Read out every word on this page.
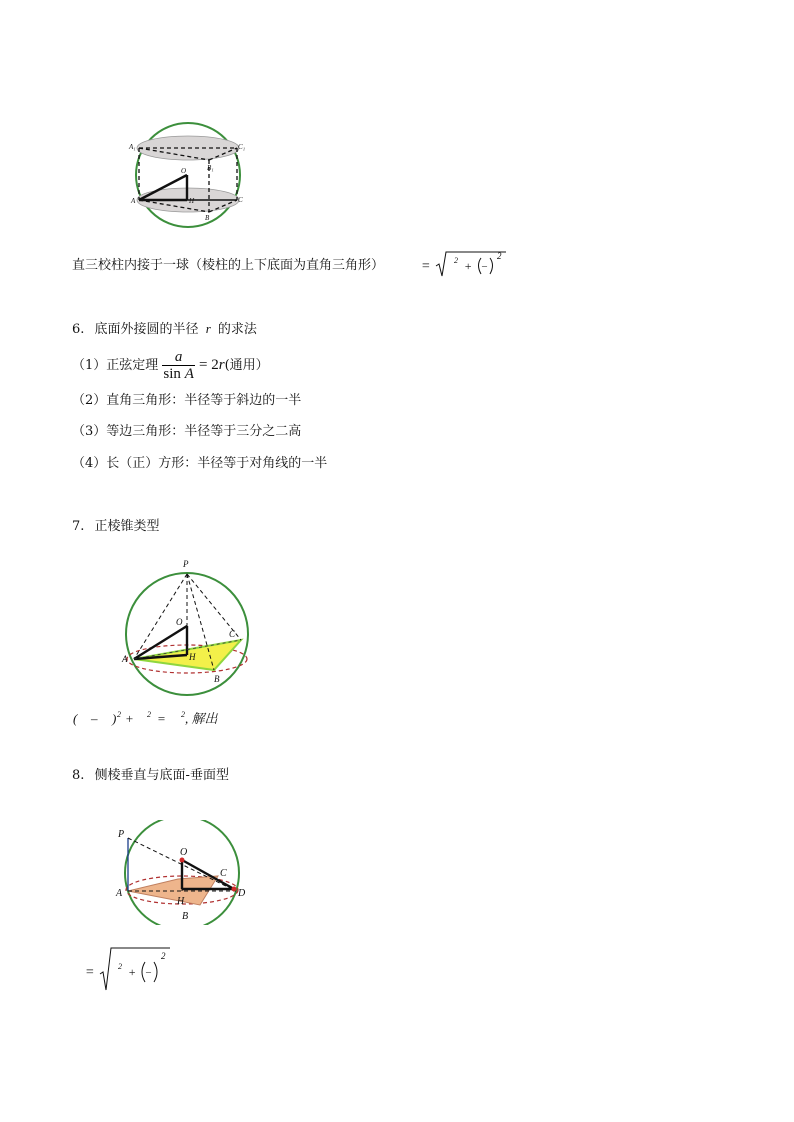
A₁	C₁
B₁
O
A	H	C
B
直三校柱内接于一球（棱柱的上下底面为直角三角形）	=	2 + –
2
6. 底面外接圆的半径 r 的求法
（1）正弦定理 $\frac{a}{\text{sin A}} = 2r$(通用）
（2）直角三角形：半径等于斜边的一半
（3）等边三角形：半径等于三分之二高
（4）长（正）方形：半径等于对角线的一半
7. 正棱锥类型
P
O
C
A	H
B
( – ) 2 + 2 = 2 , 解出
8. 侧棱垂直与底面-垂面型
P
O
C
A	D
H
B
=	2 + –
2
